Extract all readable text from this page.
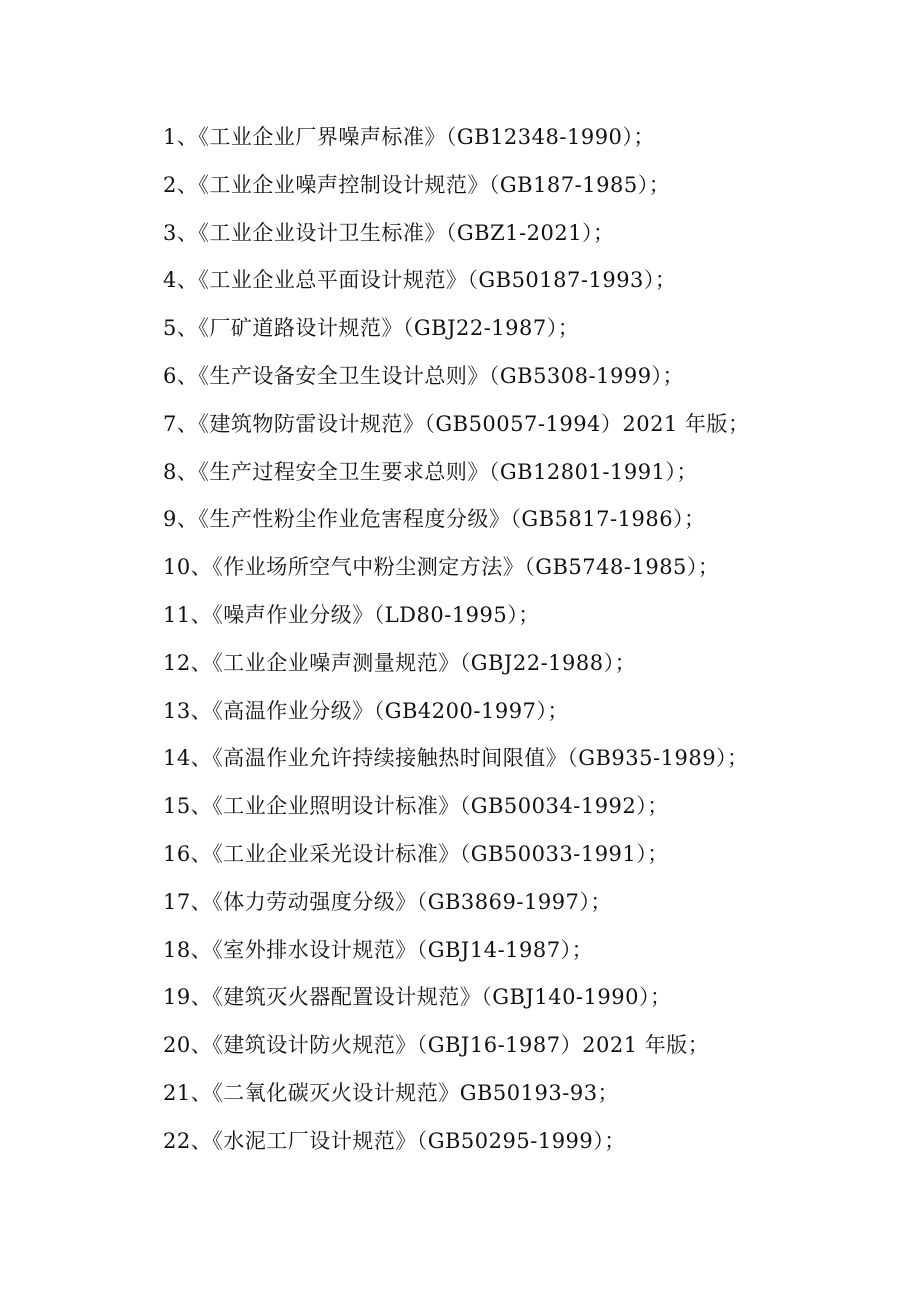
1、《工业企业厂界噪声标准》（GB12348-1990）；
2、《工业企业噪声控制设计规范》（GB187-1985）；
3、《工业企业设计卫生标准》（GBZ1-2021）；
4、《工业企业总平面设计规范》（GB50187-1993）；
5、《厂矿道路设计规范》（GBJ22-1987）；
6、《生产设备安全卫生设计总则》（GB5308-1999）；
7、《建筑物防雷设计规范》（GB50057-1994）2021 年版；
8、《生产过程安全卫生要求总则》（GB12801-1991）；
9、《生产性粉尘作业危害程度分级》（GB5817-1986）；
10、《作业场所空气中粉尘测定方法》（GB5748-1985）；
11、《噪声作业分级》（LD80-1995）；
12、《工业企业噪声测量规范》（GBJ22-1988）；
13、《高温作业分级》（GB4200-1997）；
14、《高温作业允许持续接触热时间限值》（GB935-1989）；
15、《工业企业照明设计标准》（GB50034-1992）；
16、《工业企业采光设计标准》（GB50033-1991）；
17、《体力劳动强度分级》（GB3869-1997）；
18、《室外排水设计规范》（GBJ14-1987）；
19、《建筑灭火器配置设计规范》（GBJ140-1990）；
20、《建筑设计防火规范》（GBJ16-1987）2021 年版；
21、《二氧化碳灭火设计规范》GB50193-93；
22、《水泥工厂设计规范》（GB50295-1999）；
